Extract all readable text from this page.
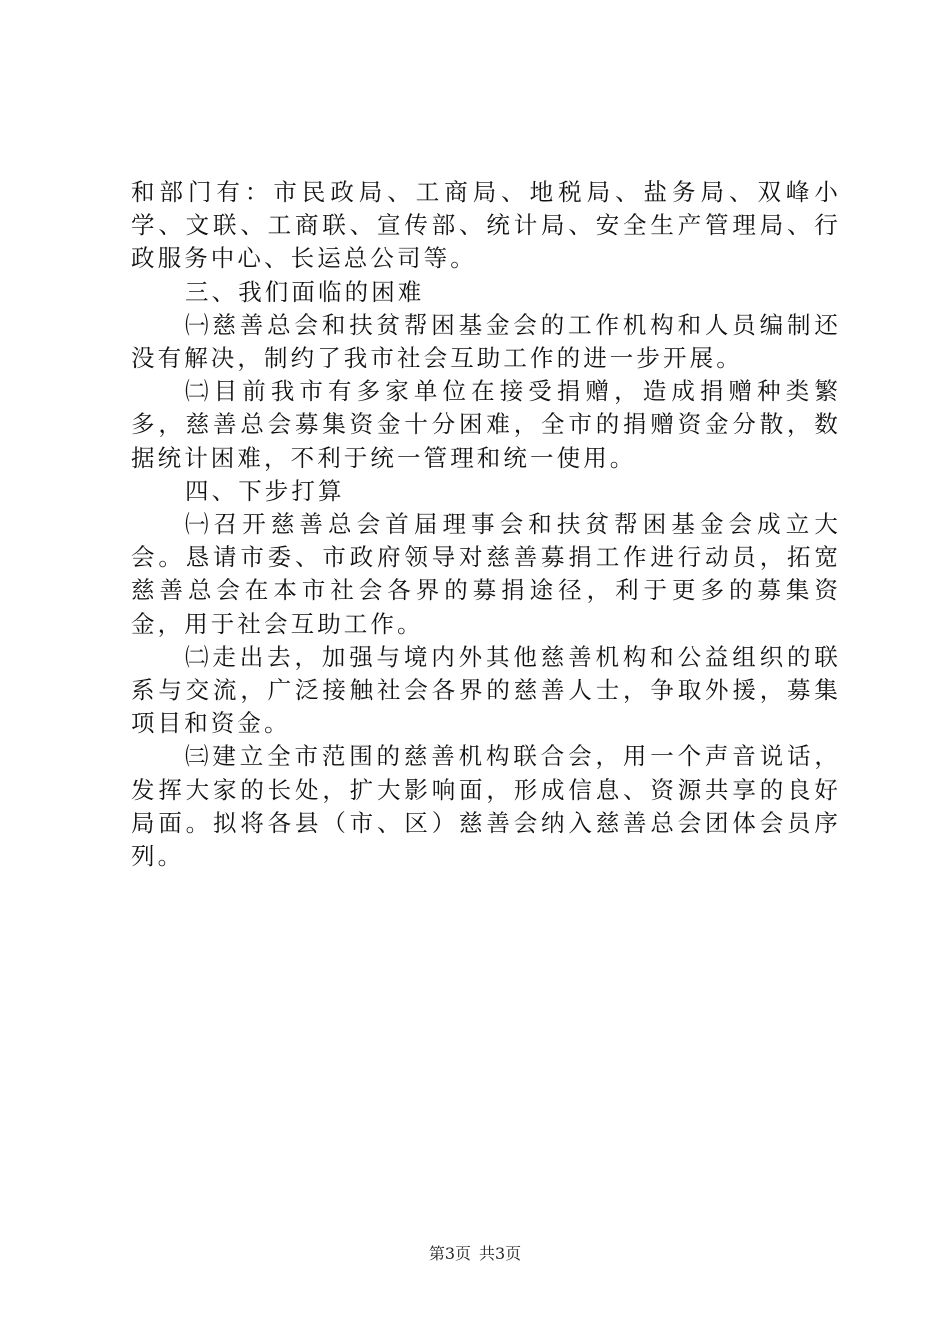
和部门有：市民政局、工商局、地税局、盐务局、双峰小学、文联、工商联、宣传部、统计局、安全生产管理局、行政服务中心、长运总公司等。

三、我们面临的困难

㈠慈善总会和扶贫帮困基金会的工作机构和人员编制还没有解决，制约了我市社会互助工作的进一步开展。

㈡目前我市有多家单位在接受捐赠，造成捐赠种类繁多，慈善总会募集资金十分困难，全市的捐赠资金分散，数据统计困难，不利于统一管理和统一使用。

四、下步打算

㈠召开慈善总会首届理事会和扶贫帮困基金会成立大会。恳请市委、市政府领导对慈善募捐工作进行动员，拓宽慈善总会在本市社会各界的募捐途径，利于更多的募集资金，用于社会互助工作。

㈡走出去，加强与境内外其他慈善机构和公益组织的联系与交流，广泛接触社会各界的慈善人士，争取外援，募集项目和资金。

㈢建立全市范围的慈善机构联合会，用一个声音说话，发挥大家的长处，扩大影响面，形成信息、资源共享的良好局面。拟将各县（市、区）慈善会纳入慈善总会团体会员序列。

第3页 共3页
